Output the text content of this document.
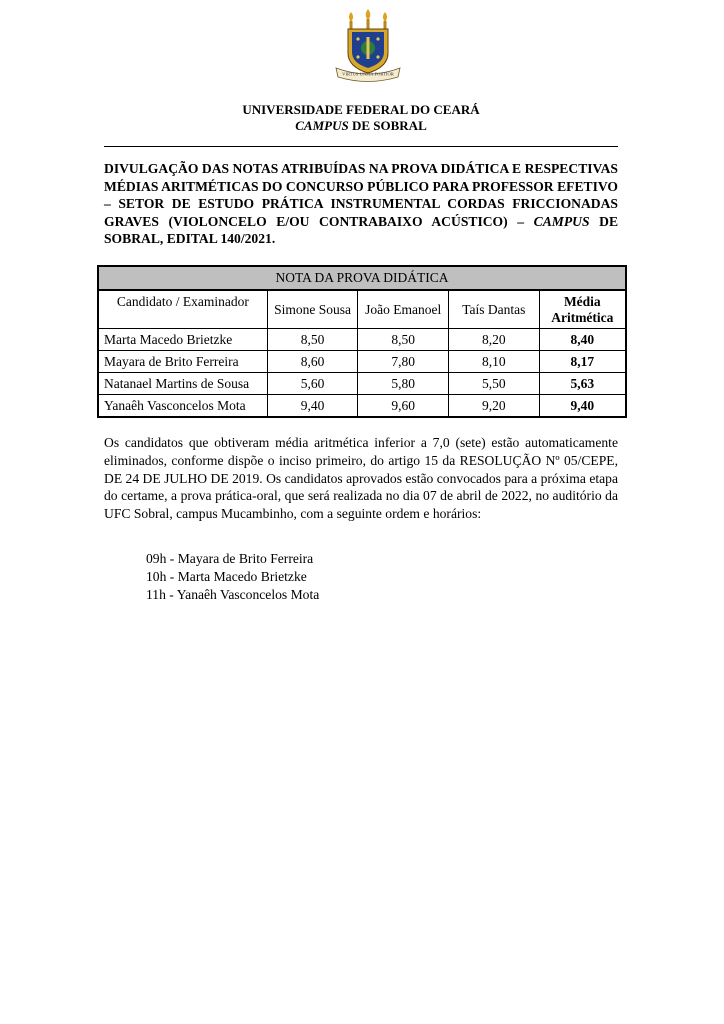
VIRTUS UNITA FORTIOR
UNIVERSIDADE FEDERAL DO CEARÁ
CAMPUS DE SOBRAL
DIVULGAÇÃO DAS NOTAS ATRIBUÍDAS NA PROVA DIDÁTICA E RESPECTIVAS MÉDIAS ARITMÉTICAS DO CONCURSO PÚBLICO PARA PROFESSOR EFETIVO – SETOR DE ESTUDO PRÁTICA INSTRUMENTAL CORDAS FRICCIONADAS GRAVES (VIOLONCELO E/OU CONTRABAIXO ACÚSTICO) – CAMPUS DE SOBRAL, EDITAL 140/2021.
NOTA DA PROVA DIDÁTICA				
Candidato / Examinador	Simone Sousa	João Emanoel	Taís Dantas	Média Aritmética
Marta Macedo Brietzke	8,50	8,50	8,20	8,40
Mayara de Brito Ferreira	8,60	7,80	8,10	8,17
Natanael Martins de Sousa	5,60	5,80	5,50	5,63
Yanaêh Vasconcelos Mota	9,40	9,60	9,20	9,40
Os candidatos que obtiveram média aritmética inferior a 7,0 (sete) estão automaticamente eliminados, conforme dispõe o inciso primeiro, do artigo 15 da RESOLUÇÃO Nº 05/CEPE, DE 24 DE JULHO DE 2019. Os candidatos aprovados estão convocados para a próxima etapa do certame, a prova prática-oral, que será realizada no dia 07 de abril de 2022, no auditório da UFC Sobral, campus Mucambinho, com a seguinte ordem e horários:
09h - Mayara de Brito Ferreira
10h - Marta Macedo Brietzke
11h - Yanaêh Vasconcelos Mota
